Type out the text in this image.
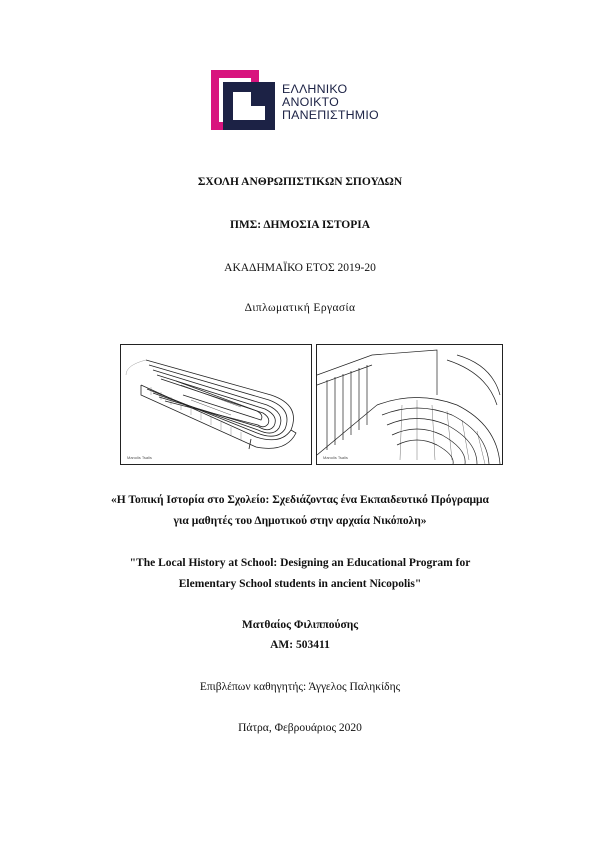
ΕΛΛΗΝΙΚΟ
ΑΝΟΙΚΤΟ
ΠΑΝΕΠΙΣΤΗΜΙΟ
ΣΧΟΛΗ ΑΝΘΡΩΠΙΣΤΙΚΩΝ ΣΠΟΥΔΩΝ
ΠΜΣ: ΔΗΜΟΣΙΑ ΙΣΤΟΡΙΑ
ΑΚΑΔΗΜΑΪΚΟ ΕΤΟΣ 2019-20
Διπλωματική Εργασία
Manolis Tsalis	Manolis Tsalis
«Η Τοπική Ιστορία στο Σχολείο: Σχεδιάζοντας ένα Εκπαιδευτικό Πρόγραμμα
για μαθητές του Δημοτικού στην αρχαία Νικόπολη»
"The Local History at School: Designing an Educational Program for
Elementary School students in ancient Nicopolis"
Ματθαίος Φιλιππούσης
ΑΜ: 503411
Επιβλέπων καθηγητής: Άγγελος Παληκίδης
Πάτρα, Φεβρουάριος 2020
